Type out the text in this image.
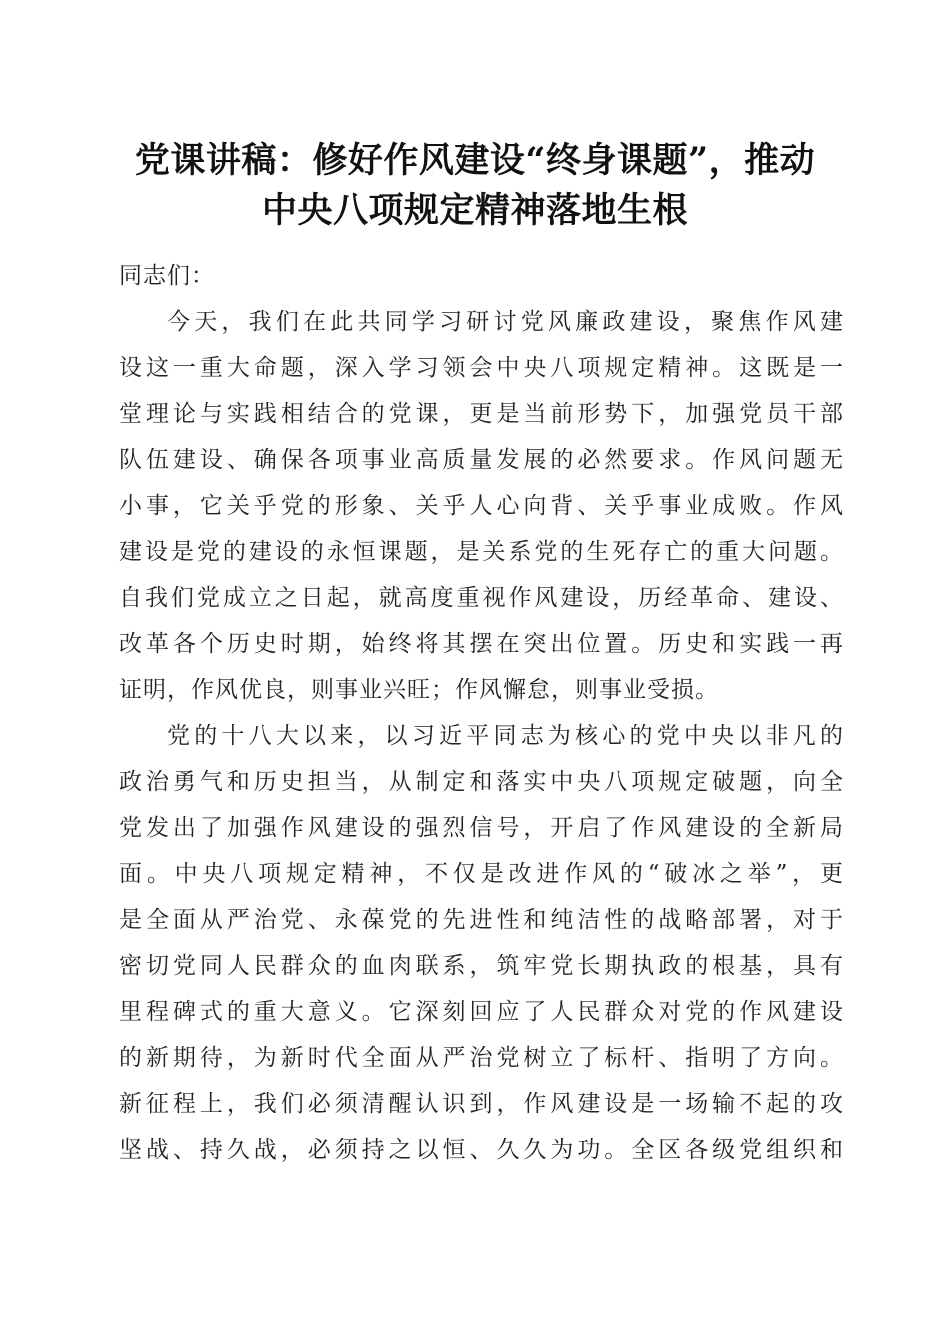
党课讲稿：修好作风建设“终身课题”，推动
中央八项规定精神落地生根
同志们：
今天，我们在此共同学习研讨党风廉政建设，聚焦作风建
设这一重大命题，深入学习领会中央八项规定精神。这既是一
堂理论与实践相结合的党课，更是当前形势下，加强党员干部
队伍建设、确保各项事业高质量发展的必然要求。作风问题无
小事，它关乎党的形象、关乎人心向背、关乎事业成败。作风
建设是党的建设的永恒课题，是关系党的生死存亡的重大问题。
自我们党成立之日起，就高度重视作风建设，历经革命、建设、
改革各个历史时期，始终将其摆在突出位置。历史和实践一再
证明，作风优良，则事业兴旺；作风懈怠，则事业受损。
党的十八大以来，以习近平同志为核心的党中央以非凡的
政治勇气和历史担当，从制定和落实中央八项规定破题，向全
党发出了加强作风建设的强烈信号，开启了作风建设的全新局
面。中央八项规定精神，不仅是改进作风的“破冰之举”，更
是全面从严治党、永葆党的先进性和纯洁性的战略部署，对于
密切党同人民群众的血肉联系，筑牢党长期执政的根基，具有
里程碑式的重大意义。它深刻回应了人民群众对党的作风建设
的新期待，为新时代全面从严治党树立了标杆、指明了方向。
新征程上，我们必须清醒认识到，作风建设是一场输不起的攻
坚战、持久战，必须持之以恒、久久为功。全区各级党组织和
